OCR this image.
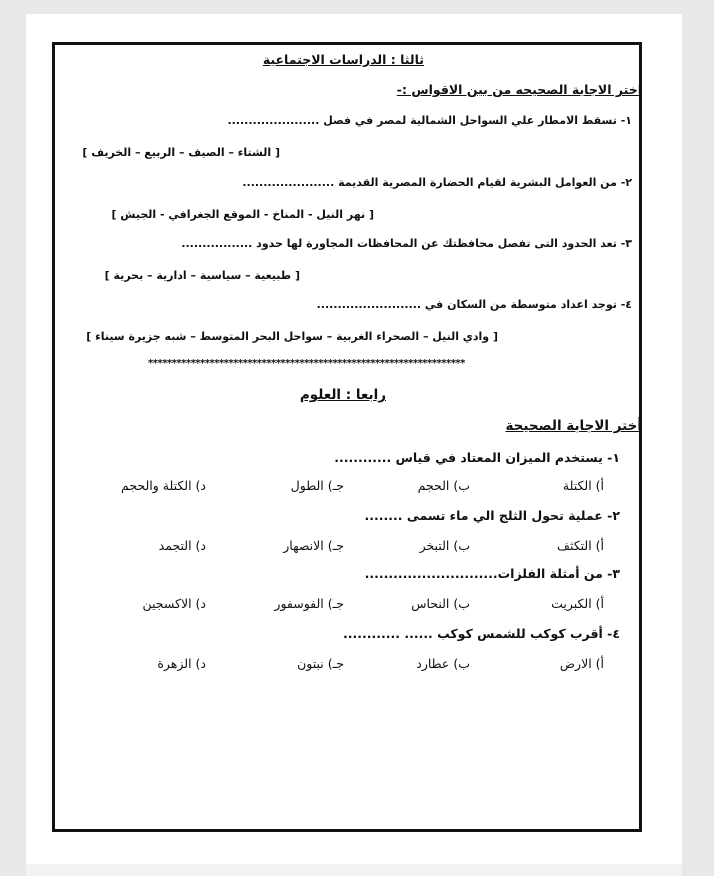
ثالثا : الدراسات الاجتماعية
اختر الاجابة الصحيحه من بين الاقواس :-
١- تسقط الامطار علي السواحل الشمالية لمصر في فصل ......................
[ الشتاء – الصيف – الربيع – الخريف ]
٢- من العوامل البشرية لقيام الحضارة المصرية القديمة ......................
[ نهر النيل - المناخ - الموقع الجغرافي - الجيش ]
٣- تعد الحدود التى تفصل محافظتك عن المحافظات المجاورة لها حدود .................
[ طبيعية – سياسية – ادارية – بحرية ]
٤- توجد اعداد متوسطة من السكان في .........................
[ وادي النيل – الصحراء الغربية – سواحل البحر المتوسط – شبه جزيرة سيناء ]
*******************************************************************
رابعا : العلوم
أختر الاجابة الصحيحة
١- يستخدم الميزان المعتاد في قياس ............
أ) الكتلة
ب) الحجم
جـ) الطول
د) الكتلة والحجم
٢- عملية تحول الثلج الي ماء تسمى ........
أ) التكثف
ب) التبخر
جـ) الانصهار
د) التجمد
٣- من أمثلة الفلزات............................
أ) الكبريت
ب) النحاس
جـ) الفوسفور
د) الاكسجين
٤- أقرب كوكب للشمس كوكب ...... ............
أ) الارض
ب) عطارد
جـ) نبتون
د) الزهرة
